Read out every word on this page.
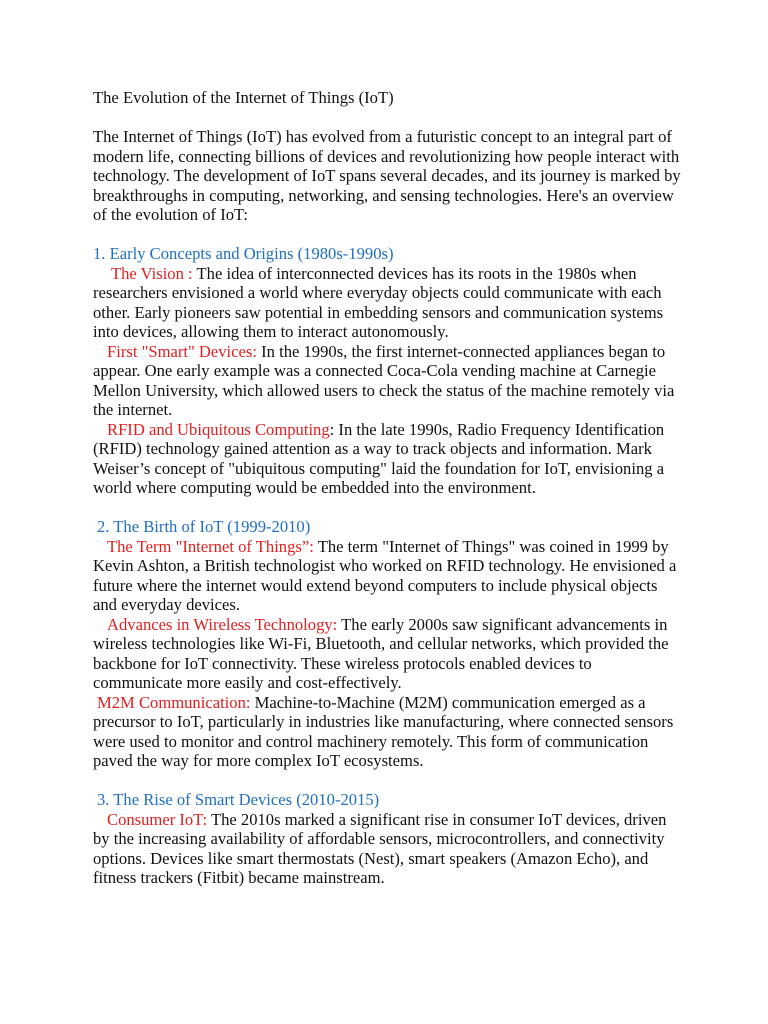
The Evolution of the Internet of Things (IoT)

The Internet of Things (IoT) has evolved from a futuristic concept to an integral part of modern life, connecting billions of devices and revolutionizing how people interact with technology. The development of IoT spans several decades, and its journey is marked by breakthroughs in computing, networking, and sensing technologies. Here's an overview of the evolution of IoT:

1. Early Concepts and Origins (1980s-1990s)

The Vision : The idea of interconnected devices has its roots in the 1980s when researchers envisioned a world where everyday objects could communicate with each other. Early pioneers saw potential in embedding sensors and communication systems into devices, allowing them to interact autonomously.

First "Smart" Devices: In the 1990s, the first internet-connected appliances began to appear. One early example was a connected Coca-Cola vending machine at Carnegie Mellon University, which allowed users to check the status of the machine remotely via the internet.

RFID and Ubiquitous Computing: In the late 1990s, Radio Frequency Identification (RFID) technology gained attention as a way to track objects and information. Mark Weiser’s concept of "ubiquitous computing" laid the foundation for IoT, envisioning a world where computing would be embedded into the environment.

2. The Birth of IoT (1999-2010)

The Term "Internet of Things”: The term "Internet of Things" was coined in 1999 by Kevin Ashton, a British technologist who worked on RFID technology. He envisioned a future where the internet would extend beyond computers to include physical objects and everyday devices.

Advances in Wireless Technology: The early 2000s saw significant advancements in wireless technologies like Wi-Fi, Bluetooth, and cellular networks, which provided the backbone for IoT connectivity. These wireless protocols enabled devices to communicate more easily and cost-effectively.

M2M Communication: Machine-to-Machine (M2M) communication emerged as a precursor to IoT, particularly in industries like manufacturing, where connected sensors were used to monitor and control machinery remotely. This form of communication paved the way for more complex IoT ecosystems.

3. The Rise of Smart Devices (2010-2015)

Consumer IoT: The 2010s marked a significant rise in consumer IoT devices, driven by the increasing availability of affordable sensors, microcontrollers, and connectivity options. Devices like smart thermostats (Nest), smart speakers (Amazon Echo), and fitness trackers (Fitbit) became mainstream.
